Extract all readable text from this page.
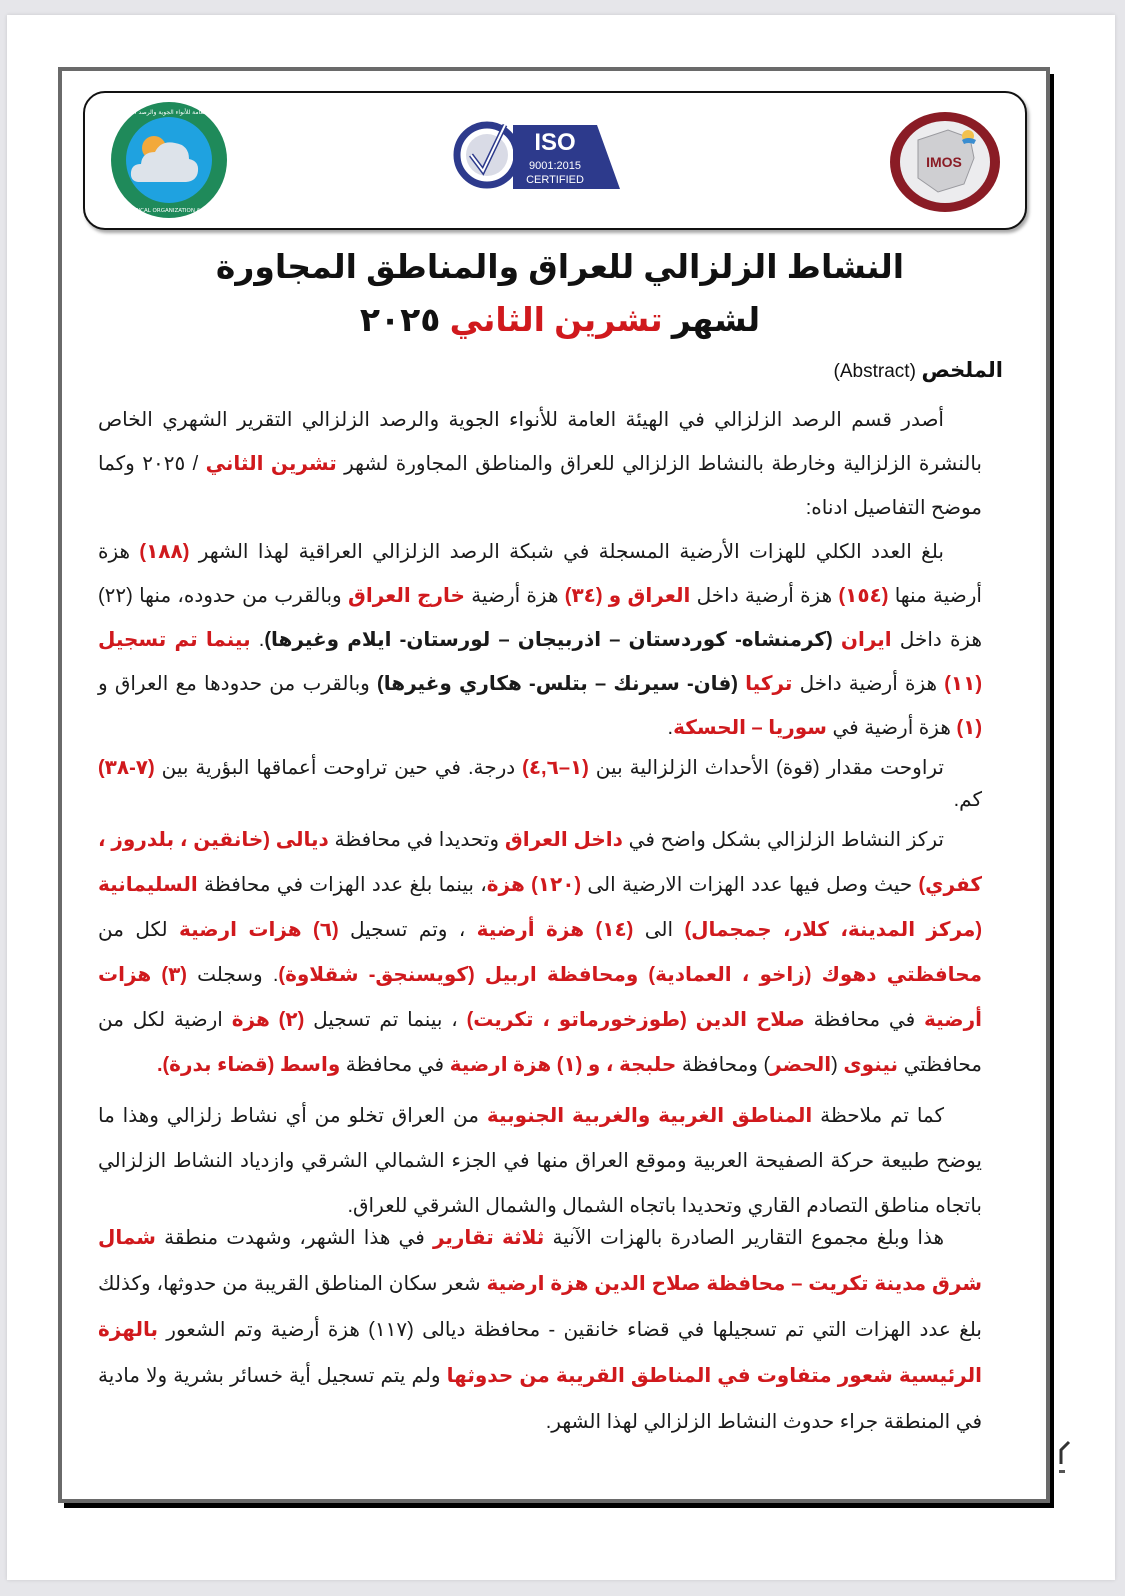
الهيئة العامة للأنواء الجوية والرصد الزلزالي
METEOROLOGICAL ORGANIZATION & SEISMOLOGY
ISO
9001:2015
CERTIFIED
IMOS
النشاط الزلزالي للعراق والمناطق المجاورة
لشهر تشرين الثاني ٢٠٢٥
الملخص (Abstract)
أصدر قسم الرصد الزلزالي في الهيئة العامة للأنواء الجوية والرصد الزلزالي التقرير الشهري الخاص بالنشرة الزلزالية وخارطة بالنشاط الزلزالي للعراق والمناطق المجاورة لشهر تشرين الثاني / ٢٠٢٥ وكما موضح التفاصيل ادناه:
بلغ العدد الكلي للهزات الأرضية المسجلة في شبكة الرصد الزلزالي العراقية لهذا الشهر (١٨٨) هزة أرضية منها (١٥٤) هزة أرضية داخل العراق و (٣٤) هزة أرضية خارج العراق وبالقرب من حدوده، منها (٢٢) هزة داخل ايران (كرمنشاه- كوردستان – اذربيجان – لورستان- ايلام وغيرها). بينما تم تسجيل (١١) هزة أرضية داخل تركيا (فان- سيرنك – بتلس- هكاري وغيرها) وبالقرب من حدودها مع العراق و (١) هزة أرضية في سوريا – الحسكة.
تراوحت مقدار (قوة) الأحداث الزلزالية بين (١–٤,٦) درجة. في حين تراوحت أعماقها البؤرية بين (٧-٣٨) كم.
تركز النشاط الزلزالي بشكل واضح في داخل العراق وتحديدا في محافظة ديالى (خانقين ، بلدروز ، كفري) حيث وصل فيها عدد الهزات الارضية الى (١٢٠) هزة، بينما بلغ عدد الهزات في محافظة السليمانية (مركز المدينة، كلار، جمجمال) الى (١٤) هزة أرضية ، وتم تسجيل (٦) هزات ارضية لكل من محافظتي دهوك (زاخو ، العمادية) ومحافظة اربيل (كويسنجق- شقلاوة). وسجلت (٣) هزات أرضية في محافظة صلاح الدين (طوزخورماتو ، تكريت) ، بينما تم تسجيل (٢) هزة ارضية لكل من محافظتي نينوى (الحضر) ومحافظة حلبجة ، و (١) هزة ارضية في محافظة واسط (قضاء بدرة).
كما تم ملاحظة المناطق الغربية والغربية الجنوبية من العراق تخلو من أي نشاط زلزالي وهذا ما يوضح طبيعة حركة الصفيحة العربية وموقع العراق منها في الجزء الشمالي الشرقي وازدياد النشاط الزلزالي باتجاه مناطق التصادم القاري وتحديدا باتجاه الشمال والشمال الشرقي للعراق.
هذا وبلغ مجموع التقارير الصادرة بالهزات الآنية ثلاثة تقارير في هذا الشهر، وشهدت منطقة شمال شرق مدينة تكريت – محافظة صلاح الدين هزة ارضية شعر سكان المناطق القريبة من حدوثها، وكذلك بلغ عدد الهزات التي تم تسجيلها في قضاء خانقين - محافظة ديالى (١١٧) هزة أرضية وتم الشعور بالهزة الرئيسية شعور متفاوت في المناطق القريبة من حدوثها ولم يتم تسجيل أية خسائر بشرية ولا مادية في المنطقة جراء حدوث النشاط الزلزالي لهذا الشهر.
